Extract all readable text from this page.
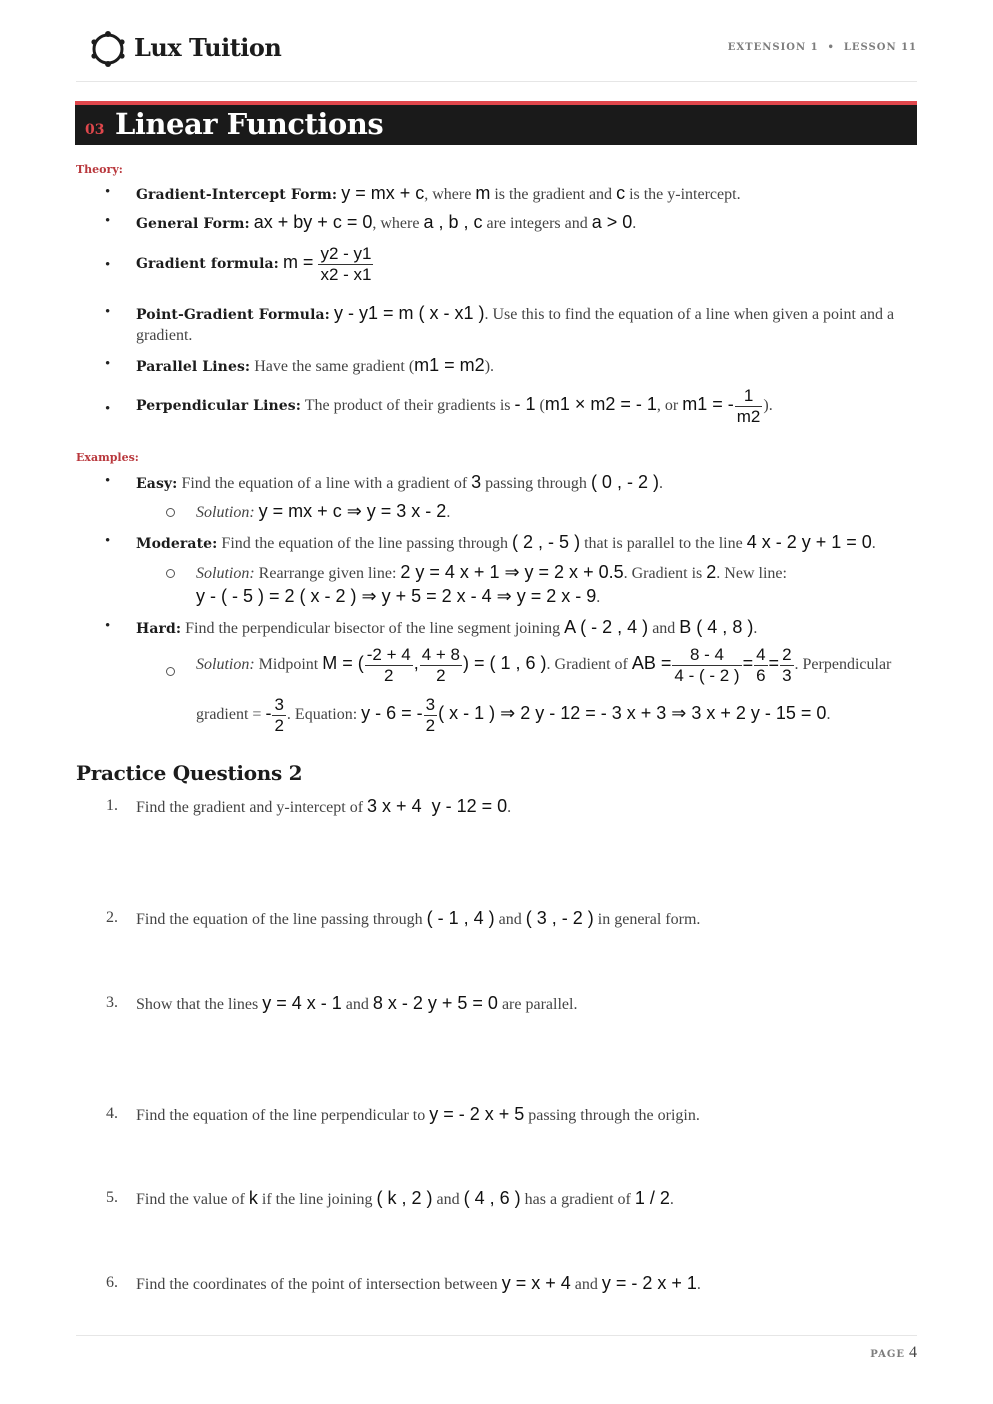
Lux Tuition	EXTENSION 1  •  LESSON 11
03 Linear Functions
Theory:
• Gradient-Intercept Form: y = mx + c, where m is the gradient and c is the y-intercept.
• General Form: ax + by + c = 0, where a , b , c are integers and a > 0.
• Gradient formula: $m = \frac{y2 - y1}{x2 - x1}$
• Point-Gradient Formula: y - y1 = m ( x - x1 ). Use this to find the equation of a line when given a point and a
gradient.
• Parallel Lines: Have the same gradient (m1 = m2).
• Perpendicular Lines: The product of their gradients is - 1 (m1 × m2 = - 1, or m1 = - $\frac{1}{m2}$ ).
Examples:
• Easy: Find the equation of a line with a gradient of 3 passing through ( 0 , - 2 ).
Solution: y = mx + c ⇒ y = 3 x - 2.
• Moderate: Find the equation of the line passing through ( 2 , - 5 ) that is parallel to the line 4 x - 2 y + 1 = 0.
Solution: Rearrange given line: 2 y = 4 x + 1 ⇒ y = 2 x + 0.5. Gradient is 2. New line:
y - ( - 5 ) = 2 ( x - 2 ) ⇒ y + 5 = 2 x - 4 ⇒ y = 2 x - 9.
• Hard: Find the perpendicular bisector of the line segment joining A ( - 2 , 4 ) and B ( 4 , 8 ).
Solution: Midpoint M = ( $\frac{-2 + 4}{2}$ , $\frac{4 + 8}{2}$ ) = ( 1 , 6 ). Gradient of AB = $\frac{8 - 4}{4 - ( - 2 )} = \frac{4}{6} = \frac{2}{3}$ . Perpendicular
gradient = - $\frac{3}{2}$ . Equation: y - 6 = - $\frac{3}{2}$ ( x - 1 ) ⇒ 2 y - 12 = - 3 x + 3 ⇒ 3 x + 2 y - 15 = 0.
Practice Questions 2
1. Find the gradient and y-intercept of 3 x + 4  y - 12 = 0.
2. Find the equation of the line passing through ( - 1 , 4 ) and ( 3 , - 2 ) in general form.
3. Show that the lines y = 4 x - 1 and 8 x - 2 y + 5 = 0 are parallel.
4. Find the equation of the line perpendicular to y = - 2 x + 5 passing through the origin.
5. Find the value of k if the line joining ( k , 2 ) and ( 4 , 6 ) has a gradient of 1 / 2.
6. Find the coordinates of the point of intersection between y = x + 4 and y = - 2 x + 1.
PAGE 4
